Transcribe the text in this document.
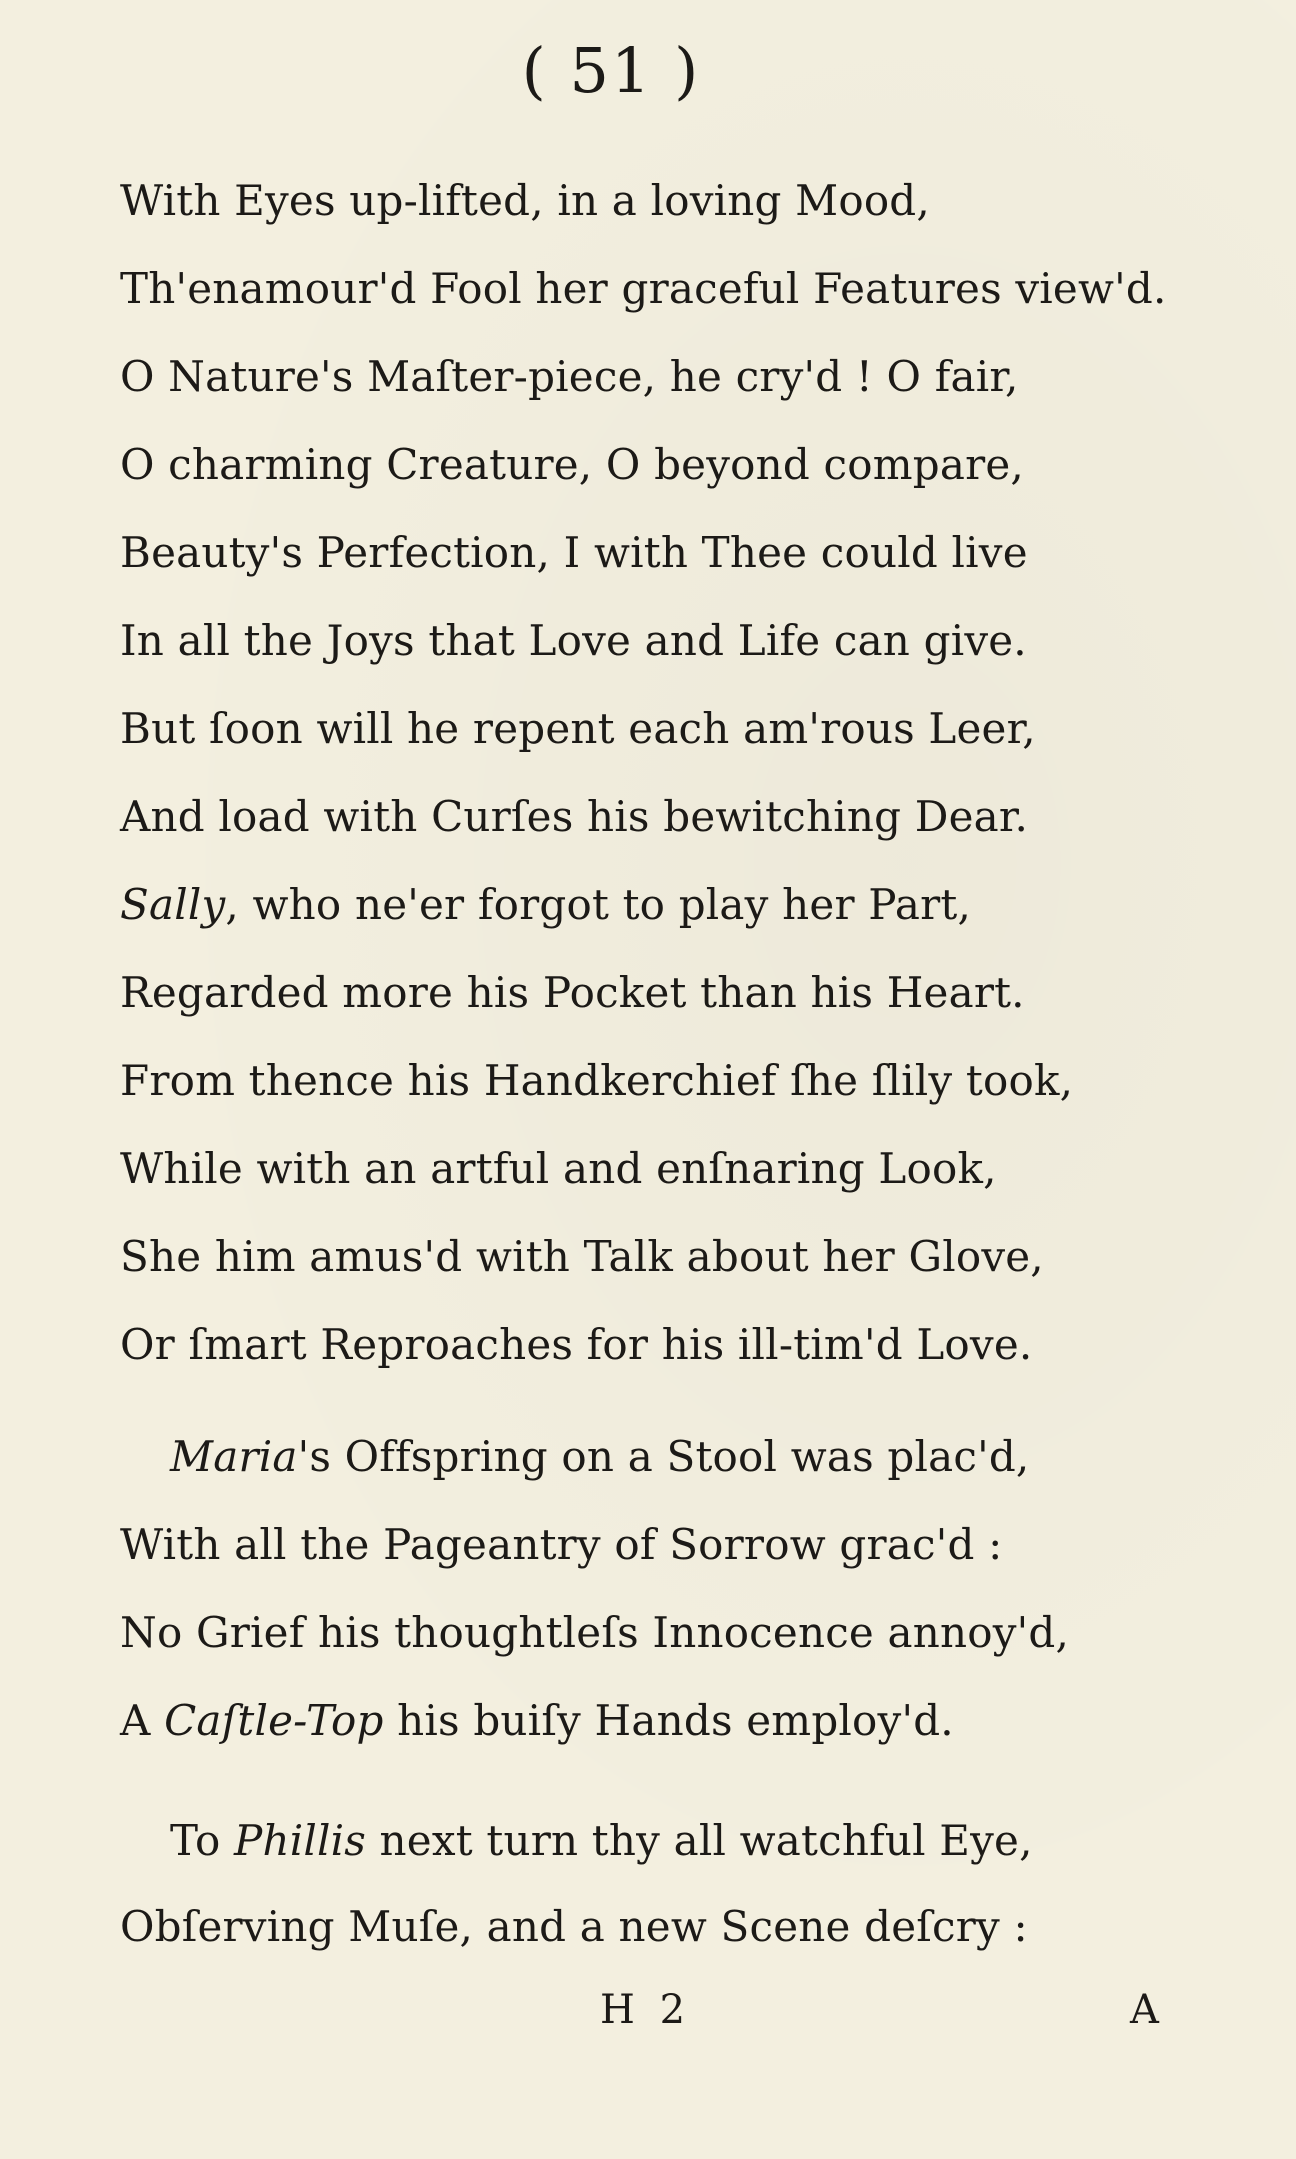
( 51 )
With Eyes up-lifted, in a loving Mood,
Th'enamour'd Fool her graceful Features view'd.
O Nature's Maſter-piece, he cry'd ! O fair,
O charming Creature, O beyond compare,
Beauty's Perfection, I with Thee could live
In all the Joys that Love and Life can give.
But ſoon will he repent each am'rous Leer,
And load with Curſes his bewitching Dear.
Sally, who ne'er forgot to play her Part,
Regarded more his Pocket than his Heart.
From thence his Handkerchief ſhe ſlily took,
While with an artful and enſnaring Look,
She him amus'd with Talk about her Glove,
Or ſmart Reproaches for his ill-tim'd Love.
Maria's Offspring on a Stool was plac'd,
With all the Pageantry of Sorrow grac'd :
No Grief his thoughtleſs Innocence annoy'd,
A Caſtle-Top his buiſy Hands employ'd.
To Phillis next turn thy all watchful Eye,
Obſerving Muſe, and a new Scene deſcry :
H 2	A
